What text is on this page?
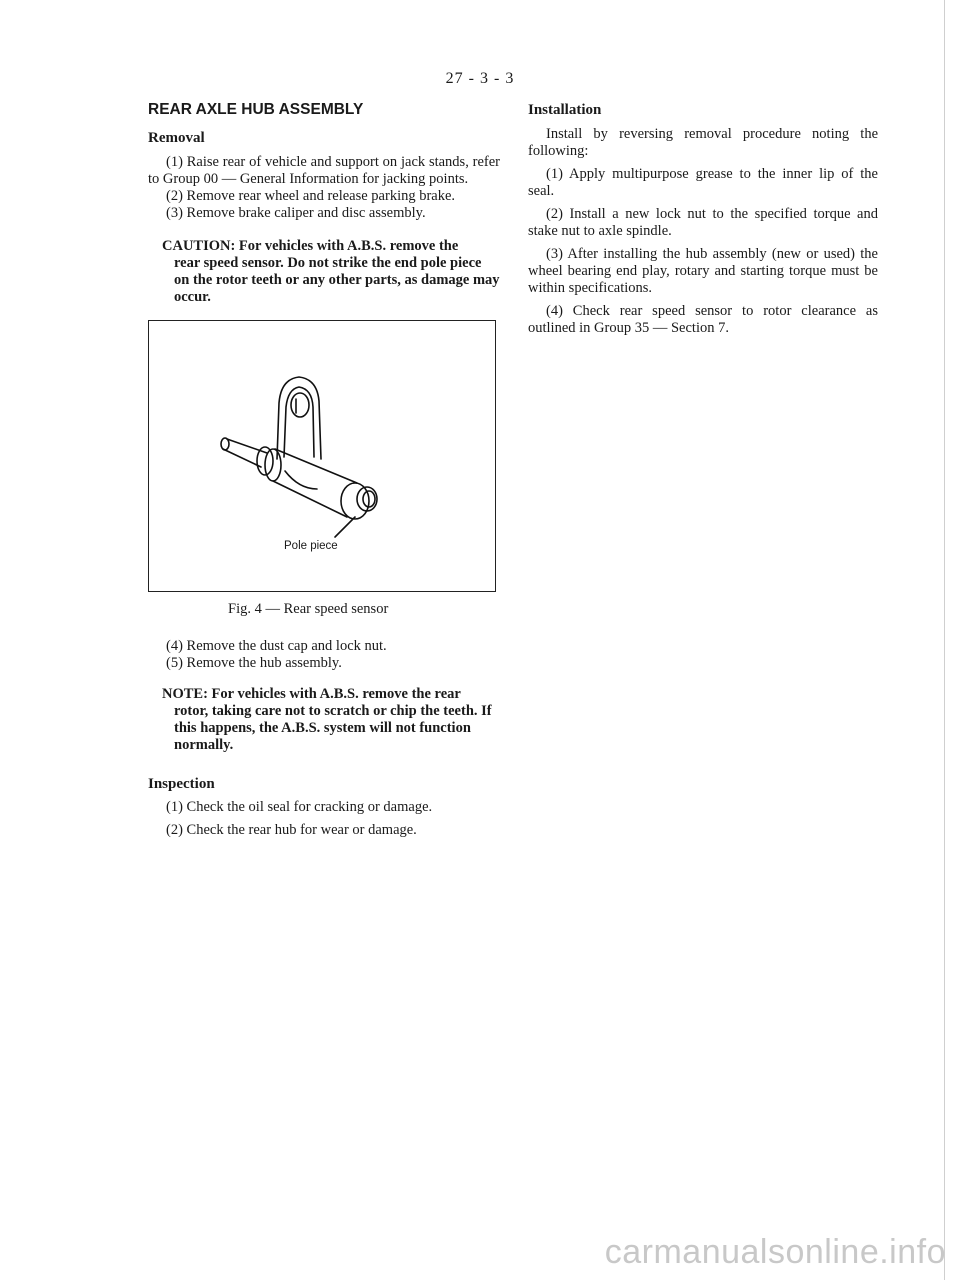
27 - 3 - 3
REAR AXLE HUB ASSEMBLY
Removal

(1) Raise rear of vehicle and support on jack stands, refer to Group 00 — General Information for jacking points.

(2) Remove rear wheel and release parking brake.

(3) Remove brake caliper and disc assembly.

CAUTION: For vehicles with A.B.S. remove the
rear speed sensor. Do not strike the end pole piece on the rotor teeth or any other parts, as damage may occur.
Pole piece
Fig. 4 — Rear speed sensor

(4) Remove the dust cap and lock nut.

(5) Remove the hub assembly.

NOTE: For vehicles with A.B.S. remove the rear
rotor, taking care not to scratch or chip the teeth. If this happens, the A.B.S. system will not function normally.
Inspection

(1) Check the oil seal for cracking or damage.

(2) Check the rear hub for wear or damage.

Installation

Install by reversing removal procedure noting the following:

(1) Apply multipurpose grease to the inner lip of the seal.

(2) Install a new lock nut to the specified torque and stake nut to axle spindle.

(3) After installing the hub assembly (new or used) the wheel bearing end play, rotary and starting torque must be within specifications.

(4) Check rear speed sensor to rotor clearance as outlined in Group 35 — Section 7.

carmanualsonline.info
